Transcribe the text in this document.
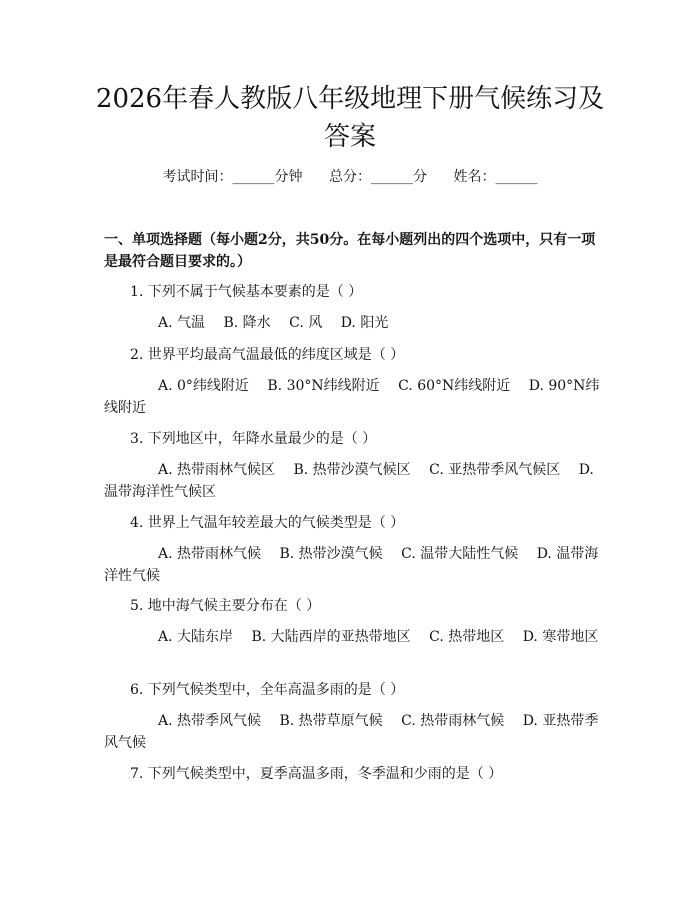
2026年春人教版八年级地理下册气候练习及
答案
考试时间：______分钟 总分：______分 姓名：______
一、单项选择题（每小题2分，共50分。在每小题列出的四个选项中，只有一项
是最符合题目要求的。）

1. 下列不属于气候基本要素的是（ ）

A. 气温 B. 降水 C. 风 D. 阳光

2. 世界平均最高气温最低的纬度区域是（ ）

A. 0°纬线附近 B. 30°N纬线附近 C. 60°N纬线附近 D. 90°N纬线附近

3. 下列地区中，年降水量最少的是（ ）

A. 热带雨林气候区 B. 热带沙漠气候区 C. 亚热带季风气候区 D. 温带海洋性气候区

4. 世界上气温年较差最大的气候类型是（ ）

A. 热带雨林气候 B. 热带沙漠气候 C. 温带大陆性气候 D. 温带海洋性气候

5. 地中海气候主要分布在（ ）

A. 大陆东岸 B. 大陆西岸的亚热带地区 C. 热带地区 D. 寒带地区

6. 下列气候类型中，全年高温多雨的是（ ）

A. 热带季风气候 B. 热带草原气候 C. 热带雨林气候 D. 亚热带季风气候

7. 下列气候类型中，夏季高温多雨，冬季温和少雨的是（ ）
